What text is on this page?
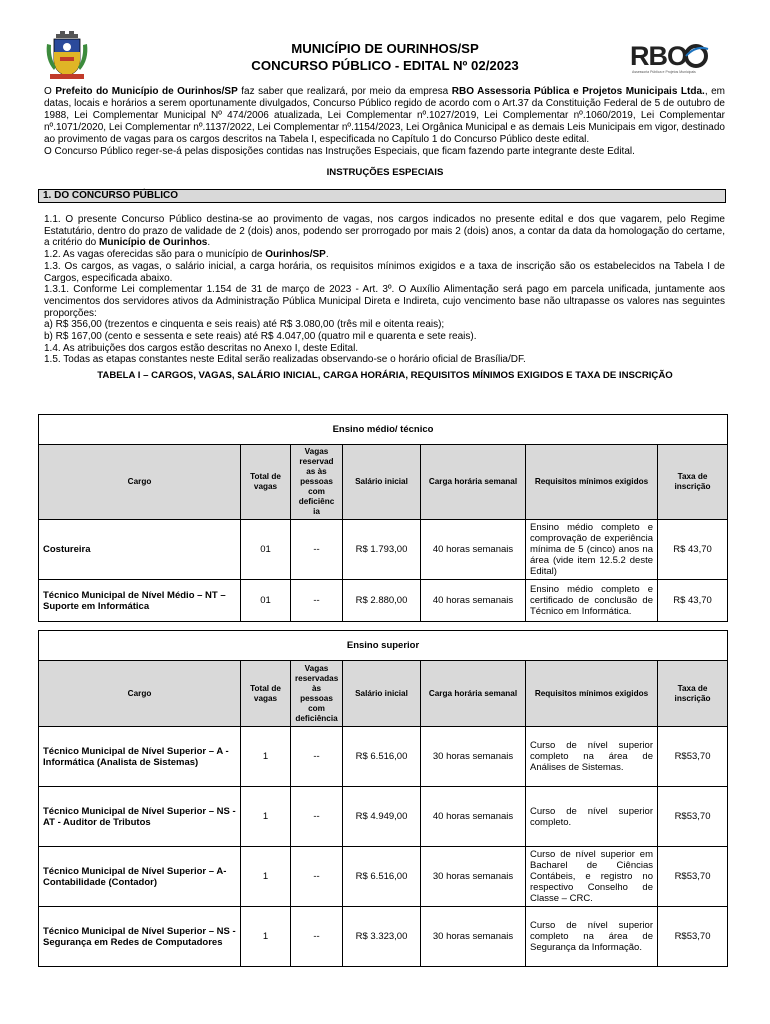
MUNICÍPIO DE OURINHOS/SP
CONCURSO PÚBLICO - EDITAL Nº 02/2023	RBO
Assessoria Pública e Projetos Municipais

O Prefeito do Município de Ourinhos/SP faz saber que realizará, por meio da empresa RBO Assessoria Pública e Projetos Municipais Ltda., em datas, locais e horários a serem oportunamente divulgados, Concurso Público regido de acordo com o Art.37 da Constituição Federal de 5 de outubro de 1988, Lei Complementar Municipal Nº 474/2006 atualizada, Lei Complementar nº.1027/2019, Lei Complementar nº.1060/2019, Lei Complementar nº.1071/2020, Lei Complementar nº.1137/2022, Lei Complementar nº.1154/2023, Lei Orgânica Municipal e as demais Leis Municipais em vigor, destinado ao provimento de vagas para os cargos descritos na Tabela I, especificada no Capítulo 1 do Concurso Público deste edital.

O Concurso Público reger-se-á pelas disposições contidas nas Instruções Especiais, que ficam fazendo parte integrante deste Edital.

INSTRUÇÕES ESPECIAIS
1. DO CONCURSO PÚBLICO

1.1. O presente Concurso Público destina-se ao provimento de vagas, nos cargos indicados no presente edital e dos que vagarem, pelo Regime Estatutário, dentro do prazo de validade de 2 (dois) anos, podendo ser prorrogado por mais 2 (dois) anos, a contar da data da homologação do certame, a critério do Município de Ourinhos.

1.2. As vagas oferecidas são para o município de Ourinhos/SP.

1.3. Os cargos, as vagas, o salário inicial, a carga horária, os requisitos mínimos exigidos e a taxa de inscrição são os estabelecidos na Tabela I de Cargos, especificada abaixo.

1.3.1. Conforme Lei complementar 1.154 de 31 de março de 2023 - Art. 3º. O Auxílio Alimentação será pago em parcela unificada, juntamente aos vencimentos dos servidores ativos da Administração Pública Municipal Direta e Indireta, cujo vencimento base não ultrapasse os valores nas seguintes proporções:

a) R$ 356,00 (trezentos e cinquenta e seis reais) até R$ 3.080,00 (três mil e oitenta reais);

b) R$ 167,00 (cento e sessenta e sete reais) até R$ 4.047,00 (quatro mil e quarenta e sete reais).

1.4. As atribuições dos cargos estão descritas no Anexo I, deste Edital.

1.5. Todas as etapas constantes neste Edital serão realizadas observando-se o horário oficial de Brasília/DF.

TABELA I – CARGOS, VAGAS, SALÁRIO INICIAL, CARGA HORÁRIA, REQUISITOS MÍNIMOS EXIGIDOS E TAXA DE INSCRIÇÃO
Ensino médio/ técnico						
Cargo	Total de vagas	Vagas reservad as às pessoas com deficiênc ia	Salário inicial	Carga horária semanal	Requisitos mínimos exigidos	Taxa de inscrição
Costureira	01	--	R$ 1.793,00	40 horas semanais	Ensino médio completo e comprovação de experiência mínima de 5 (cinco) anos na área (vide item 12.5.2 deste Edital)	R$ 43,70
Técnico Municipal de Nível Médio – NT – Suporte em Informática	01	--	R$ 2.880,00	40 horas semanais	Ensino médio completo e certificado de conclusão de Técnico em Informática.	R$ 43,70
Ensino superior						
Cargo	Total de vagas	Vagas reservadas às pessoas com deficiência	Salário inicial	Carga horária semanal	Requisitos mínimos exigidos	Taxa de inscrição
Técnico Municipal de Nível Superior – A - Informática (Analista de Sistemas)	1	--	R$ 6.516,00	30 horas semanais	Curso de nível superior completo na área de Análises de Sistemas.	R$53,70
Técnico Municipal de Nível Superior – NS - AT - Auditor de Tributos	1	--	R$ 4.949,00	40 horas semanais	Curso de nível superior completo.	R$53,70
Técnico Municipal de Nível Superior – A- Contabilidade (Contador)	1	--	R$ 6.516,00	30 horas semanais	Curso de nível superior em Bacharel de Ciências Contábeis, e registro no respectivo Conselho de Classe – CRC.	R$53,70
Técnico Municipal de Nível Superior – NS - Segurança em Redes de Computadores	1	--	R$ 3.323,00	30 horas semanais	Curso de nível superior completo na área de Segurança da Informação.	R$53,70
